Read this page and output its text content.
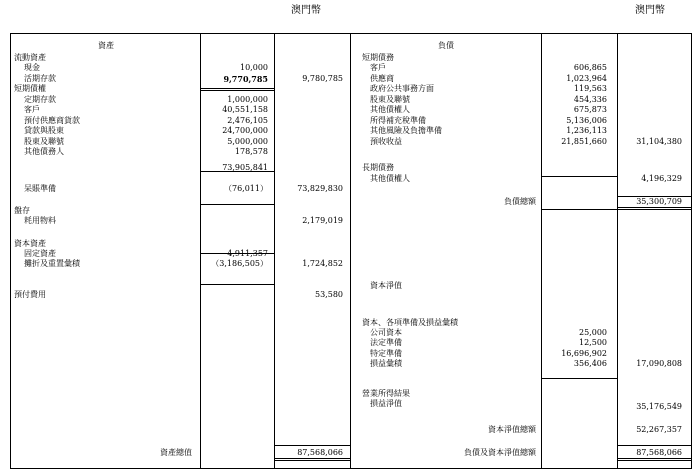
澳門幣	澳門幣
資產
流動資產
現金	10,000
活期存款	9,770,785	9,780,785
短期債權
定期存款	1,000,000
客戶	40,551,158
預付供應商貨款	2,476,105
貸款與股東	24,700,000
股東及聯號	5,000,000
其他債務人	178,578
73,905,841
呆賬準備	（76,011）	73,829,830
盤存
耗用物料	2,179,019
資本資產
固定資產	4,911,357
攤折及重置彙積	（3,186,505）	1,724,852
預付費用	53,580
資產總值	87,568,066
負債
短期債務
客戶	606,865
供應商	1,023,964
政府公共事務方面	119,563
股東及聯號	454,336
其他債權人	675,873
所得補充稅準備	5,136,006
其他風險及負擔準備	1,236,113
預收收益	21,851,660	31,104,380
長期債務
其他債權人	4,196,329
負債總額	35,300,709
資本淨值
資本、各項準備及損益彙積
公司資本	25,000
法定準備	12,500
特定準備	16,696,902
損益彙積	356,406	17,090,808
營業所得結果
損益淨值	35,176,549
資本淨值總額	52,267,357
負債及資本淨值總額	87,568,066
